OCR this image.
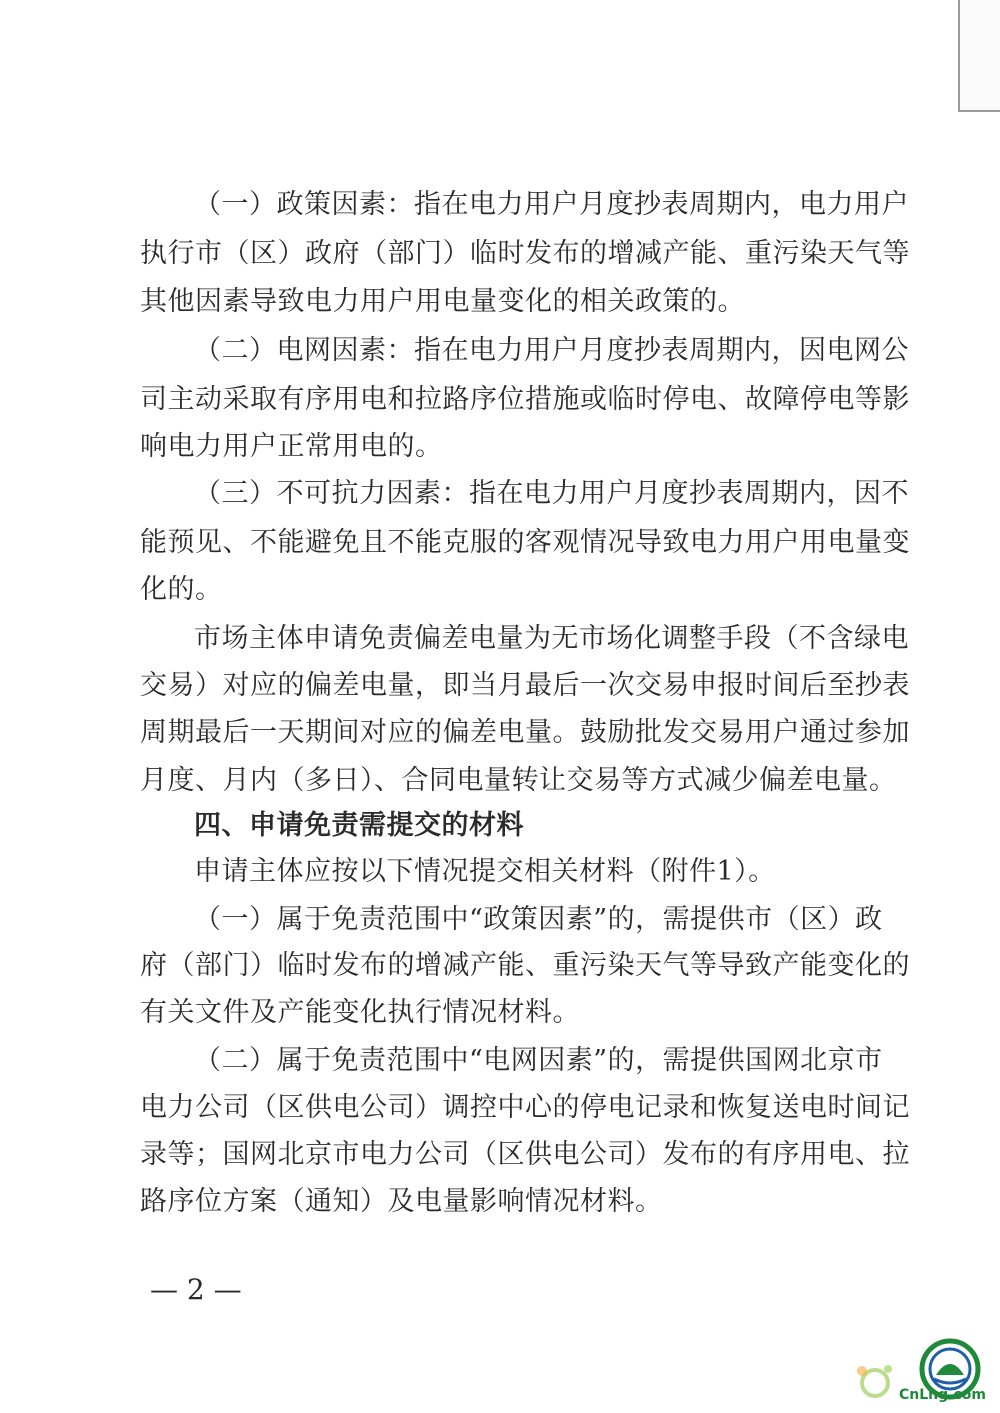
（一）政策因素：指在电力用户月度抄表周期内，电力用户
执行市（区）政府（部门）临时发布的增减产能、重污染天气等
其他因素导致电力用户用电量变化的相关政策的。
（二）电网因素：指在电力用户月度抄表周期内，因电网公
司主动采取有序用电和拉路序位措施或临时停电、故障停电等影
响电力用户正常用电的。
（三）不可抗力因素：指在电力用户月度抄表周期内，因不
能预见、不能避免且不能克服的客观情况导致电力用户用电量变
化的。
市场主体申请免责偏差电量为无市场化调整手段（不含绿电
交易）对应的偏差电量，即当月最后一次交易申报时间后至抄表
周期最后一天期间对应的偏差电量。鼓励批发交易用户通过参加
月度、月内（多日）、合同电量转让交易等方式减少偏差电量。
四、申请免责需提交的材料
申请主体应按以下情况提交相关材料（附件1）。
（一）属于免责范围中“政策因素”的，需提供市（区）政
府（部门）临时发布的增减产能、重污染天气等导致产能变化的
有关文件及产能变化执行情况材料。
（二）属于免责范围中“电网因素”的，需提供国网北京市
电力公司（区供电公司）调控中心的停电记录和恢复送电时间记
录等；国网北京市电力公司（区供电公司）发布的有序用电、拉
路序位方案（通知）及电量影响情况材料。
— 2 —
CnLng.com
